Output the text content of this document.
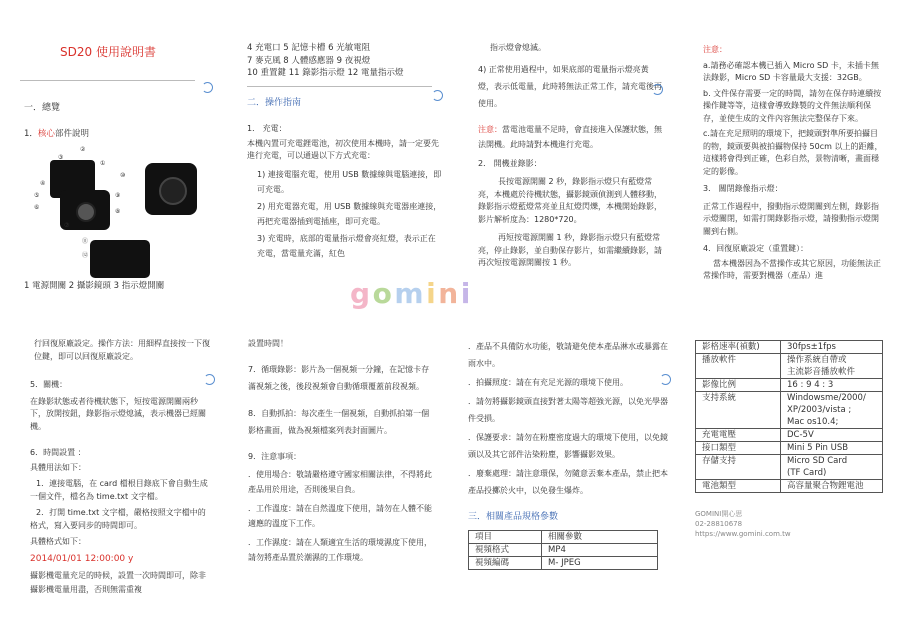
SD20 使用說明書
一．總覽
1．核心部件說明
③
②
①
⑩
④
⑤
⑥
⑦
⑧
⑨
⑪
⑫
1 電源開關 2 攝影鏡頭 3 指示燈開關

4 充電口 5 記憶卡槽 6 光敏電阻

7 麥克風 8 人體感應器 9 夜視燈

10 重置鍵 11 錄影指示燈 12 電量指示燈

二．操作指南

1． 充電：

本機內置可充電鋰電池，初次使用本機時，請一定要先進行充電，可以通過以下方式充電：

1) 連接電腦充電，使用 USB 數據線與電腦連接，即可充電。

2) 用充電器充電，用 USB 數據線與充電器座連接，再把充電器插到電插座，即可充電。

3) 充電時，底部的電量指示燈會亮紅燈，表示正在充電，當電量充滿，紅色

指示燈會熄滅。

4) 正常使用過程中，如果底部的電量指示燈亮黃燈，表示低電量，此時將無法正常工作，請充電後再使用。

注意：當電池電量不足時，會直接進入保護狀態，無法開機。此時請對本機進行充電。

2． 開機並錄影：

長按電源開關 2 秒，錄影指示燈只有藍燈常亮，本機處於待機狀態，攝影鏡頭偵測到人體移動，錄影指示燈藍燈常亮並且紅燈閃爍，本機開始錄影，影片解析度為：1280*720。

再短按電源開關 1 秒，錄影指示燈只有藍燈常亮，停止錄影，並自動保存影片，如需繼續錄影，請再次短按電源開關按 1 秒。

注意：

a.請務必確認本機已插入 Micro SD 卡，未插卡無法錄影，Micro SD 卡容量最大支援：32GB。

b. 文件保存需要一定的時間，請勿在保存時連續按操作鍵等等，這樣會導致錄製的文件無法順利保存，並使生成的文件內容無法完整保存下來。

c.請在充足照明的環境下，把鏡頭對準所要拍攝目的物，鏡頭要與被拍攝物保持 50cm 以上的距離，這樣將會得到正確，色彩自然，景物清晰，畫面穩定的影像。

3． 關閉錄像指示燈：

正常工作過程中，撥動指示燈開關到左側，錄影指示燈關閉，如需打開錄影指示燈，請撥動指示燈開關到右側。

4．回復原廠設定（重置鍵）：

當本機器因為不當操作或其它原因，功能無法正常操作時，需要對機器（產品）進

g o m i n i

行回復原廠設定。操作方法：用細桿直接按一下復位鍵，即可以回復原廠設定。

5．關機：

在錄影狀態或者待機狀態下，短按電源開關兩秒下，放開按鈕，錄影指示燈熄滅，表示機器已經關機。

6．時間設置 ：

具體用法如下：

1．連接電腦，在 card 檔根目錄底下會自動生成一個文件，檔名為 time.txt 文字檔。

2．打開 time.txt 文字檔，嚴格按照文字檔中的格式，寫入要同步的時間即可。

具體格式如下：

2014/01/01 12:00:00 y

攝影機電量充足的時候，設置一次時間即可，除非攝影機電量用盡，否則無需重複

設置時間！

7．循環錄影：影片為一個視頻一分鐘，在記憶卡存滿視頻之後，後段視頻會自動循環覆蓋前段視頻。

8．自動抓拍：每次產生一個視頻，自動抓拍第一個影格畫面，做為視頻檔案列表封面圖片。

9．注意事項：

．使用場合：敬請嚴格遵守國家相關法律，不得將此產品用於用途，否則後果自負。

．工作溫度：請在自然溫度下使用，請勿在人體不能適應的溫度下工作。

．工作濕度：請在人類適宜生活的環境濕度下使用，請勿將產品置於潮濕的工作環境。

．產品不具備防水功能，敬請避免使本產品淋水或暴露在雨水中。

．拍攝照度：請在有充足光源的環境下使用。

．請勿將攝影鏡頭直接對著太陽等超強光源，以免光學器件受損。

．保護要求：請勿在粉塵密度過大的環境下使用，以免鏡頭以及其它部件沾染粉塵，影響攝影效果。

．廢棄處理：請注意環保，勿隨意丟棄本產品，禁止把本產品投擲於火中，以免發生爆炸。

三．相關產品規格參數

項目	相關參數
視頻格式	MP4
視頻編碼	M- JPEG
影格速率(禎數)	30fps±1fps
播放軟件	操作系統自帶或
主流影音播放軟件
影像比例	16 : 9 4 : 3
支持系統	Windowsme/2000/
XP/2003/vista ;
Mac os10.4;
充電電壓	DC-5V
接口類型	Mini 5 Pin USB
存儲支持	Micro SD Card
(TF Card)
電池類型	高容量聚合物鋰電池

GOMINI開心思

02-28810678

https://www.gomini.com.tw
